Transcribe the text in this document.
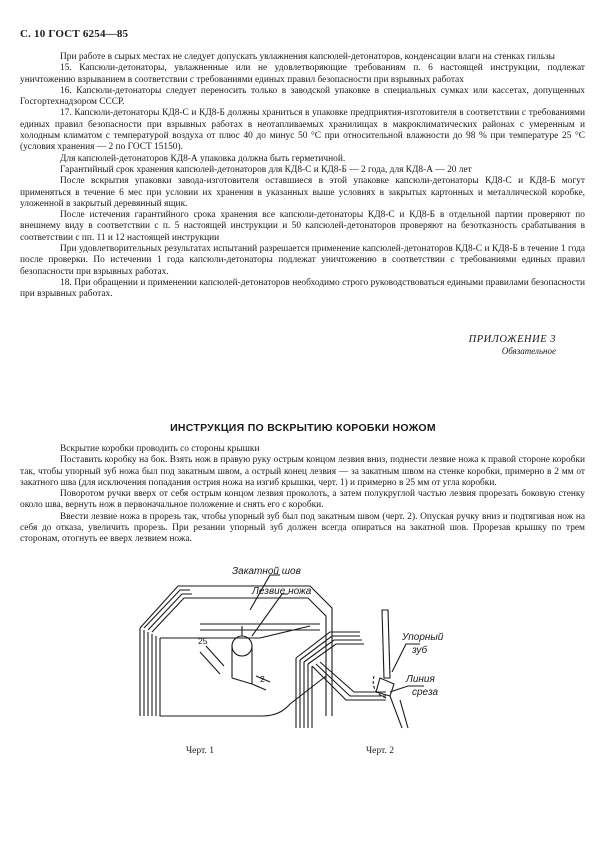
С. 10 ГОСТ 6254—85

При работе в сырых местах не следует допускать увлажнения капсюлей-детонаторов, конденсации влаги на стенках гильзы

15. Капсюли-детонаторы, увлажненные или не удовлетворяющие требованиям п. 6 настоящей инструкции, подлежат уничтожению взрыванием в соответствии с требованиями единых правил безопасности при взрывных работах

16. Капсюли-детонаторы следует переносить только в заводской упаковке в специальных сумках или кассетах, допущенных Госгортехнадзором СССР.

17. Капсюли-детонаторы КД8-С и КД8-Б должны храниться в упаковке предприятия-изготовителя в соответствии с требованиями единых правил безопасности при взрывных работах в неотапливаемых хранилищах в макроклиматических районах с умеренным и холодным климатом с температурой воздуха от плюс 40 до минус 50 °С при относительной влажности до 98 % при температуре 25 °С (условия хранения — 2 по ГОСТ 15150).

Для капсюлей-детонаторов КД8-А упаковка должна быть герметичной.

Гарантийный срок хранения капсюлей-детонаторов для КД8-С и КД8-Б — 2 года, для КД8-А — 20 лет

После вскрытия упаковки завода-изготовителя оставшиеся в этой упаковке капсюли-детонаторы КД8-С и КД8-Б могут применяться в течение 6 мес при условии их хранения в указанных выше условиях в закрытых картонных и металлической коробке, уложенной в закрытый деревянный ящик.

После истечения гарантийного срока хранения все капсюли-детонаторы КД8-С и КД8-Б в отдельной партии проверяют по внешнему виду в соответствии с п. 5 настоящей инструкции и 50 капсюлей-детонаторов проверяют на безотказность срабатывания в соответствии с пп. 11 и 12 настоящей инструкции

При удовлетворительных результатах испытаний разрешается применение капсюлей-детонаторов КД8-С и КД8-Б в течение 1 года после проверки. По истечении 1 года капсюли-детонаторы подлежат уничтожению в соответствии с требованиями единых правил безопасности при взрывных работах.

18. При обращении и применении капсюлей-детонаторов необходимо строго руководствоваться едиными правилами безопасности при взрывных работах.

ПРИЛОЖЕНИЕ 3
Обязательное
ИНСТРУКЦИЯ ПО ВСКРЫТИЮ КОРОБКИ НОЖОМ

Вскрытие коробки проводить со стороны крышки

Поставить коробку на бок. Взять нож в правую руку острым концом лезвия вниз, поднести лезвие ножа к правой стороне коробки так, чтобы упорный зуб ножа был под закатным швом, а острый конец лезвия — за закатным швом на стенке коробки, примерно в 2 мм от закатного шва (для исключения попадания острия ножа на изгиб крышки, черт. 1) и примерно в 25 мм от угла коробки.

Поворотом ручки вверх от себя острым концом лезвия проколоть, а затем полукруглой частью лезвия прорезать боковую стенку около шва, вернуть нож в первоначальное положение и снять его с коробки.

Ввести лезвие ножа в прорезь так, чтобы упорный зуб был под закатным швом (черт. 2). Опуская ручку вниз и подтягивая нож на себя до отказа, увеличить прорезь. При резании упорный зуб должен всегда опираться на закатной шов. Прорезав крышку по трем сторонам, отогнуть ее вверх лезвием ножа.

Закатной шов
Лезвие ножа
25
2
Черт. 1
Упорный
зуб
Линия
среза
Черт. 2
